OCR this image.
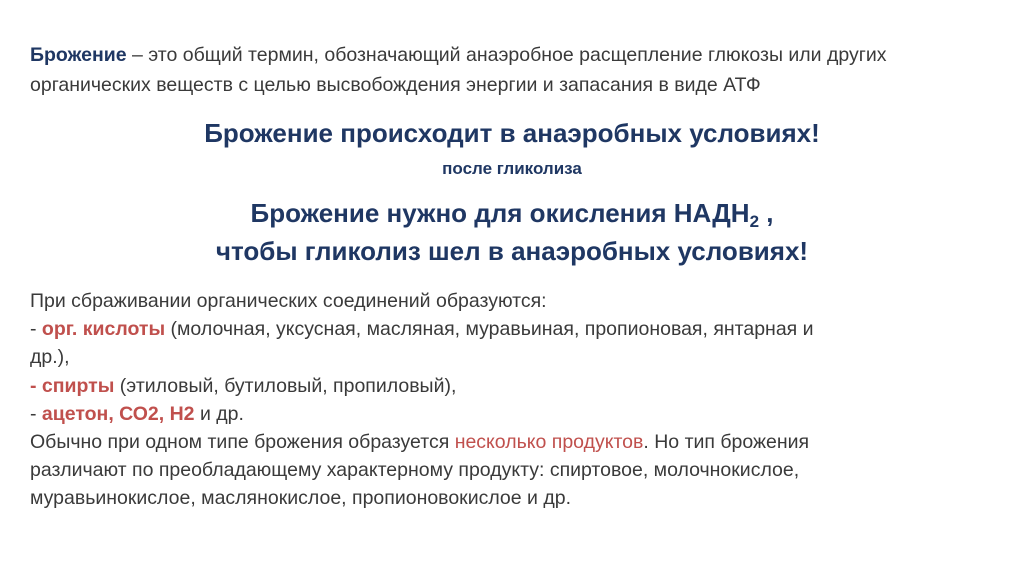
Брожение – это общий термин, обозначающий анаэробное расщепление глюкозы или других органических веществ с целью высвобождения энергии и запасания в виде АТФ
Брожение происходит в анаэробных условиях!
после гликолиза
Брожение нужно для окисления $НАДН_2$ ,
чтобы гликолиз шел в анаэробных условиях!
При сбраживании органических соединений образуются:
- орг. кислоты (молочная, уксусная, масляная, муравьиная, пропионовая, янтарная и
др.),
- спирты (этиловый, бутиловый, пропиловый),
- ацетон, СО2, Н2 и др.
Обычно при одном типе брожения образуется несколько продуктов. Но тип брожения
различают по преобладающему характерному продукту: спиртовое, молочнокислое,
муравьинокислое, маслянокислое, пропионовокислое и др.
